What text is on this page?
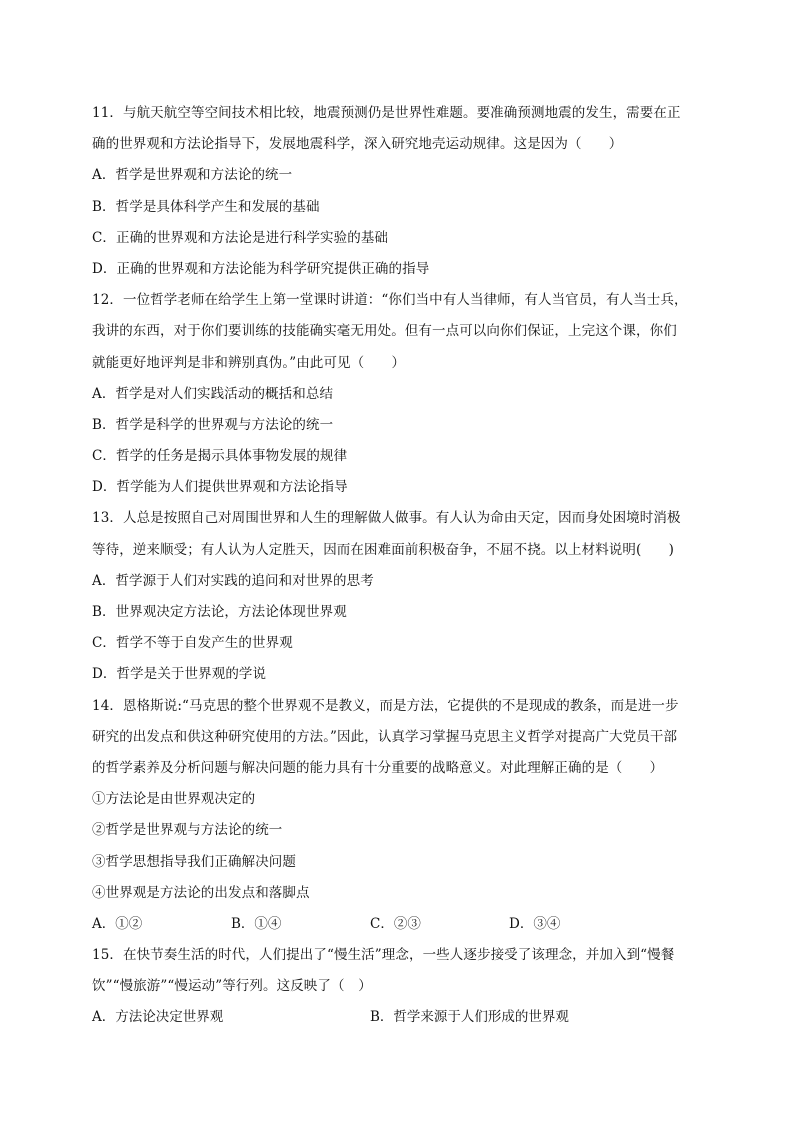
11．与航天航空等空间技术相比较，地震预测仍是世界性难题。要准确预测地震的发生，需要在正
确的世界观和方法论指导下，发展地震科学，深入研究地壳运动规律。这是因为（　　）
A．哲学是世界观和方法论的统一
B．哲学是具体科学产生和发展的基础
C．正确的世界观和方法论是进行科学实验的基础
D．正确的世界观和方法论能为科学研究提供正确的指导
12．一位哲学老师在给学生上第一堂课时讲道：“你们当中有人当律师，有人当官员，有人当士兵，
我讲的东西，对于你们要训练的技能确实毫无用处。但有一点可以向你们保证，上完这个课，你们
就能更好地评判是非和辨别真伪。”由此可见（　　）
A．哲学是对人们实践活动的概括和总结
B．哲学是科学的世界观与方法论的统一
C．哲学的任务是揭示具体事物发展的规律
D．哲学能为人们提供世界观和方法论指导
13．人总是按照自己对周围世界和人生的理解做人做事。有人认为命由天定，因而身处困境时消极
等待，逆来顺受；有人认为人定胜天，因而在困难面前积极奋争，不屈不挠。以上材料说明(　　)
A．哲学源于人们对实践的追问和对世界的思考
B．世界观决定方法论，方法论体现世界观
C．哲学不等于自发产生的世界观
D．哲学是关于世界观的学说
14．恩格斯说:“马克思的整个世界观不是教义，而是方法，它提供的不是现成的教条，而是进一步
研究的出发点和供这种研究使用的方法。”因此，认真学习掌握马克思主义哲学对提高广大党员干部
的哲学素养及分析问题与解决问题的能力具有十分重要的战略意义。对此理解正确的是（　　）
①方法论是由世界观决定的
②哲学是世界观与方法论的统一
③哲学思想指导我们正确解决问题
④世界观是方法论的出发点和落脚点
A．①②	B．①④	C．②③	D．③④
15．在快节奏生活的时代，人们提出了“慢生活”理念，一些人逐步接受了该理念，并加入到“慢餐
饮”“慢旅游”“慢运动”等行列。这反映了（　）
A．方法论决定世界观	B．哲学来源于人们形成的世界观
